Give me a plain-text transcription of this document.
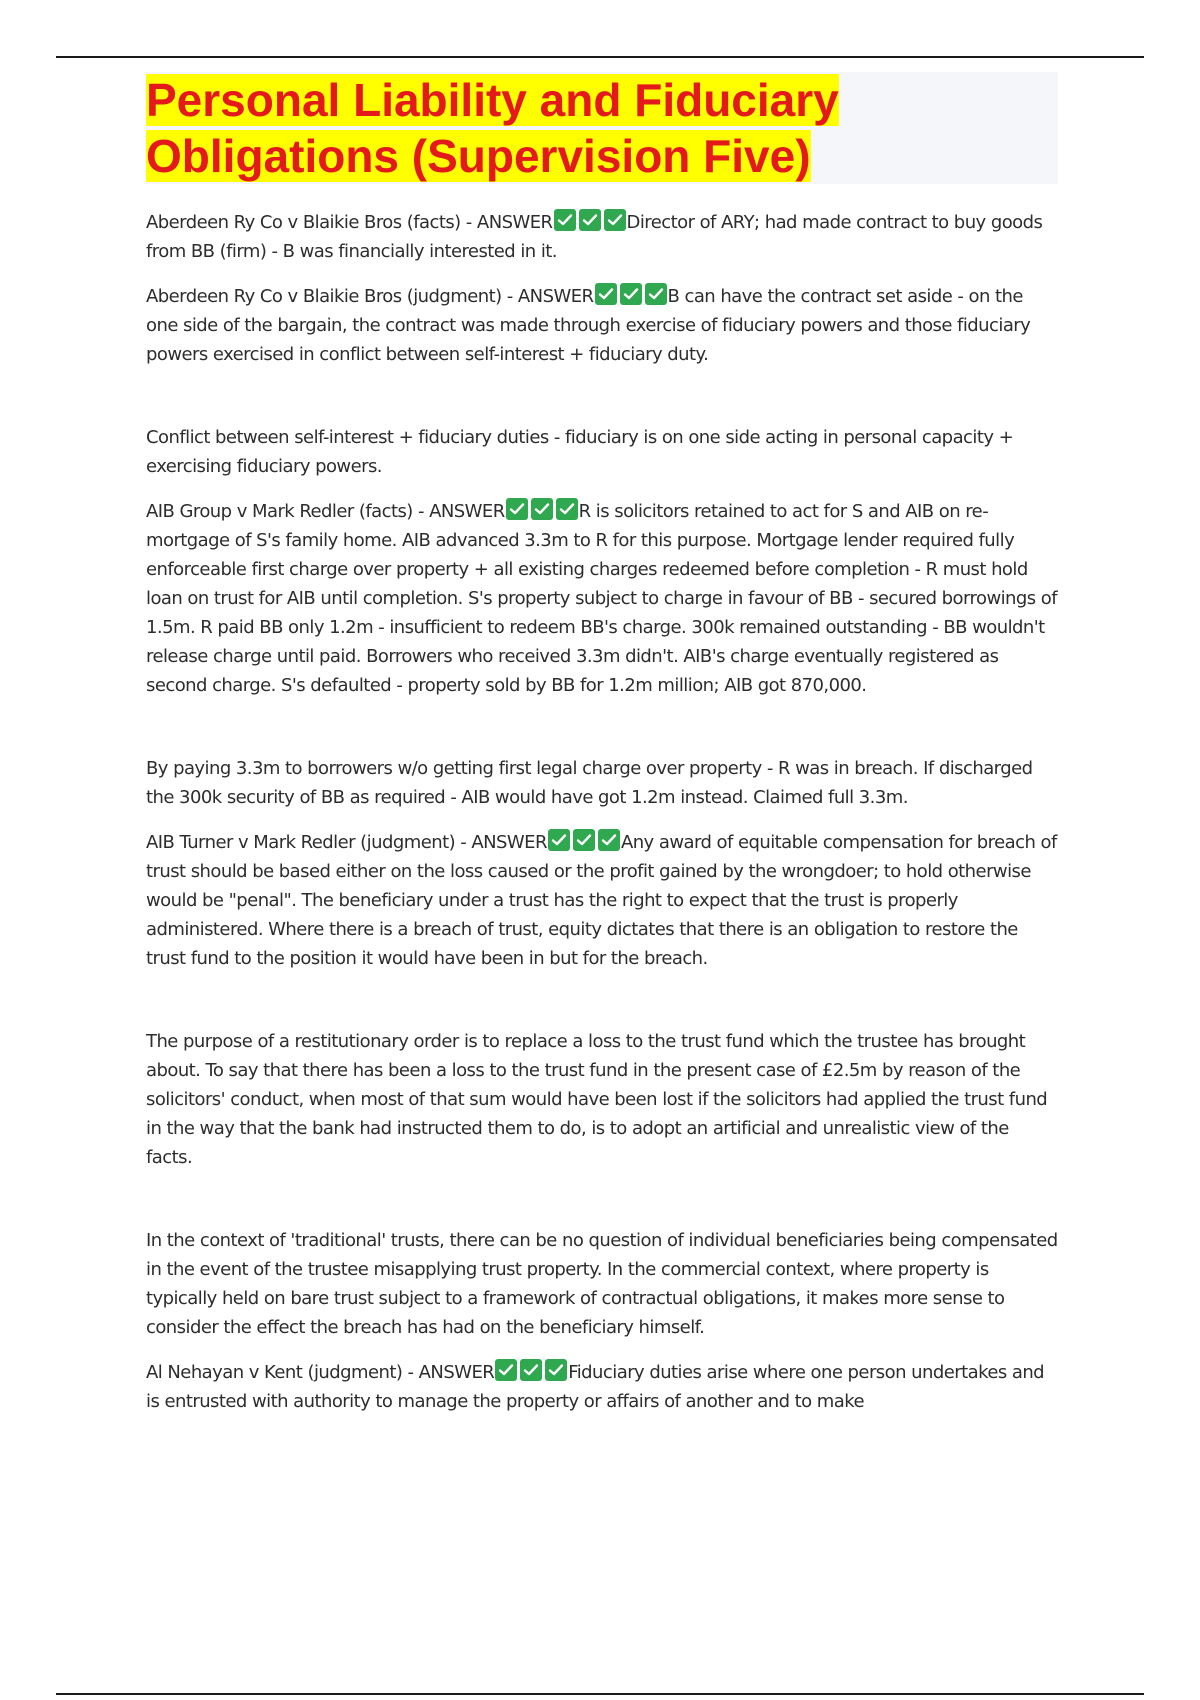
Personal Liability and Fiduciary Obligations (Supervision Five)

Aberdeen Ry Co v Blaikie Bros (facts) - ANSWER	Director of ARY; had made contract to buy goods from BB (firm) - B was financially interested in it.

Aberdeen Ry Co v Blaikie Bros (judgment) - ANSWER	B can have the contract set aside - on the one side of the bargain, the contract was made through exercise of fiduciary powers and those fiduciary powers exercised in conflict between self-interest + fiduciary duty.

Conflict between self-interest + fiduciary duties - fiduciary is on one side acting in personal capacity + exercising fiduciary powers.

AIB Group v Mark Redler (facts) - ANSWER	R is solicitors retained to act for S and AIB on re-mortgage of S's family home. AIB advanced 3.3m to R for this purpose. Mortgage lender required fully enforceable first charge over property + all existing charges redeemed before completion - R must hold loan on trust for AIB until completion. S's property subject to charge in favour of BB - secured borrowings of 1.5m. R paid BB only 1.2m - insufficient to redeem BB's charge. 300k remained outstanding - BB wouldn't release charge until paid. Borrowers who received 3.3m didn't. AIB's charge eventually registered as second charge. S's defaulted - property sold by BB for 1.2m million; AIB got 870,000.

By paying 3.3m to borrowers w/o getting first legal charge over property - R was in breach. If discharged the 300k security of BB as required - AIB would have got 1.2m instead. Claimed full 3.3m.

AIB Turner v Mark Redler (judgment) - ANSWER	Any award of equitable compensation for breach of trust should be based either on the loss caused or the profit gained by the wrongdoer; to hold otherwise would be "penal". The beneficiary under a trust has the right to expect that the trust is properly administered. Where there is a breach of trust, equity dictates that there is an obligation to restore the trust fund to the position it would have been in but for the breach.

The purpose of a restitutionary order is to replace a loss to the trust fund which the trustee has brought about. To say that there has been a loss to the trust fund in the present case of £2.5m by reason of the solicitors' conduct, when most of that sum would have been lost if the solicitors had applied the trust fund in the way that the bank had instructed them to do, is to adopt an artificial and unrealistic view of the facts.

In the context of 'traditional' trusts, there can be no question of individual beneficiaries being compensated in the event of the trustee misapplying trust property. In the commercial context, where property is typically held on bare trust subject to a framework of contractual obligations, it makes more sense to consider the effect the breach has had on the beneficiary himself.

Al Nehayan v Kent (judgment) - ANSWER	Fiduciary duties arise where one person undertakes and is entrusted with authority to manage the property or affairs of another and to make
